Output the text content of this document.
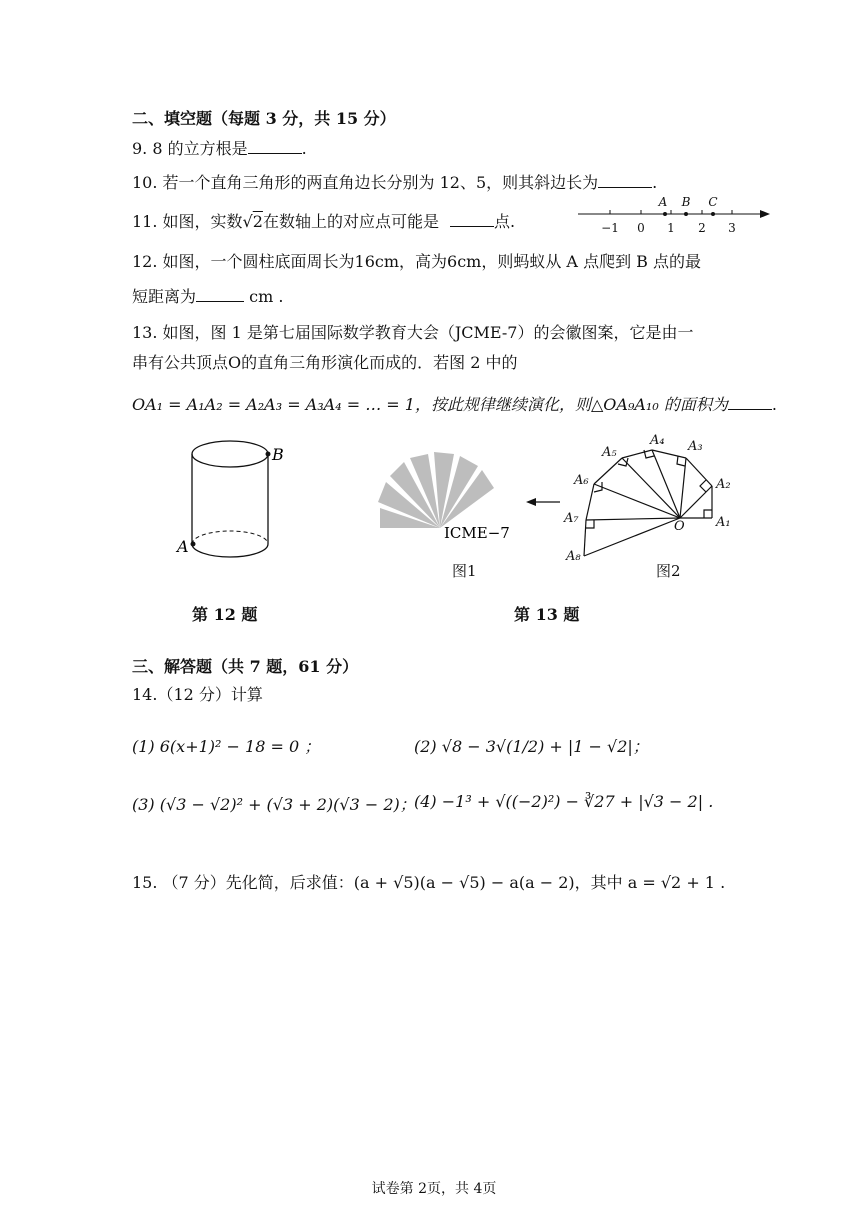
二、填空题（每题 3 分，共 15 分）
9. 8 的立方根是	.
10. 若一个直角三角形的两直角边长分别为 12、5，则其斜边长为	.
11. 如图，实数√2在数轴上的对应点可能是	点.	−1 0 1 2 3
A B C
12. 如图，一个圆柱底面周长为16cm，高为6cm，则蚂蚁从 A 点爬到 B 点的最
短距离为	cm .
13. 如图，图 1 是第七届国际数学教育大会（JCME-7）的会徽图案，它是由一
串有公共顶点O的直角三角形演化而成的．若图 2 中的
OA₁ = A₁A₂ = A₂A₃ = A₃A₄ = … = 1，按此规律继续演化，则△OA₉A₁₀ 的面积为	.
B
A
ICME−7
图1
A₁
A₂
A₃
A₄
A₅
A₆
A₇
A₈
O
图2
第 12 题	第 13 题
三、解答题（共 7 题，61 分）
14.（12 分）计算
(1) 6(x+1)² − 18 = 0 ；	(2) √8 − 3√(1/2) + |1 − √2|；
(3) (√3 − √2)² + (√3 + 2)(√3 − 2)；
(4) −1³ + √((−2)²) − ∛27 + |√3 − 2| .
15. （7 分）先化简，后求值：(a + √5)(a − √5) − a(a − 2)，其中 a = √2 + 1 .
试卷第 2页，共 4页
